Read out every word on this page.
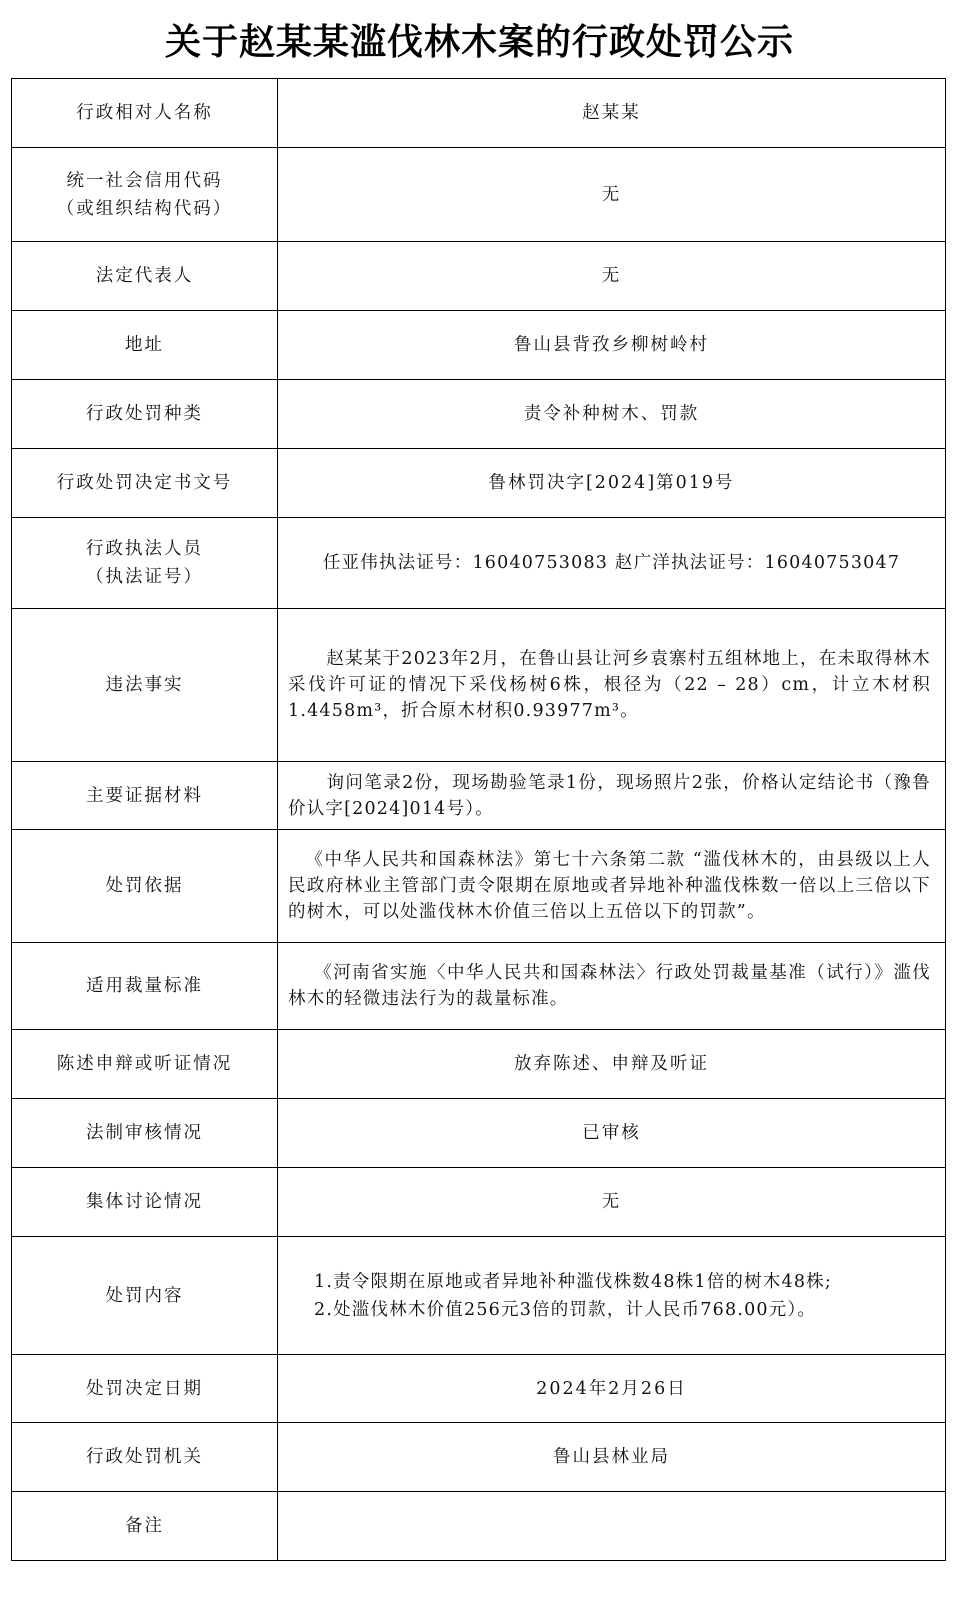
关于赵某某滥伐林木案的行政处罚公示
行政相对人名称	赵某某

统一社会信用代码
（或组织结构代码）	无
法定代表人	无
地址	鲁山县背孜乡柳树岭村
行政处罚种类	责令补种树木、罚款
行政处罚决定书文号	鲁林罚决字[2024]第019号

行政执法人员
（执法证号）	任亚伟执法证号：16040753083 赵广洋执法证号：16040753047
违法事实	赵某某于2023年2月，在鲁山县让河乡袁寨村五组林地上，在未取得林木采伐许可证的情况下采伐杨树6株，根径为（22 – 28）cm，计立木材积1.4458m³，折合原木材积0.93977m³。
主要证据材料	询问笔录2份，现场勘验笔录1份，现场照片2张，价格认定结论书（豫鲁价认字[2024]014号）。
处罚依据	《中华人民共和国森林法》第七十六条第二款 “滥伐林木的，由县级以上人民政府林业主管部门责令限期在原地或者异地补种滥伐株数一倍以上三倍以下的树木，可以处滥伐林木价值三倍以上五倍以下的罚款”。
适用裁量标准	《河南省实施〈中华人民共和国森林法〉行政处罚裁量基准（试行）》滥伐林木的轻微违法行为的裁量标准。
陈述申辩或听证情况	放弃陈述、申辩及听证
法制审核情况	已审核
集体讨论情况	无
处罚内容	1.责令限期在原地或者异地补种滥伐株数48株1倍的树木48株;
2.处滥伐林木价值256元3倍的罚款，计人民币768.00元）。

处罚决定日期	2024年2月26日
行政处罚机关	鲁山县林业局
备注	
